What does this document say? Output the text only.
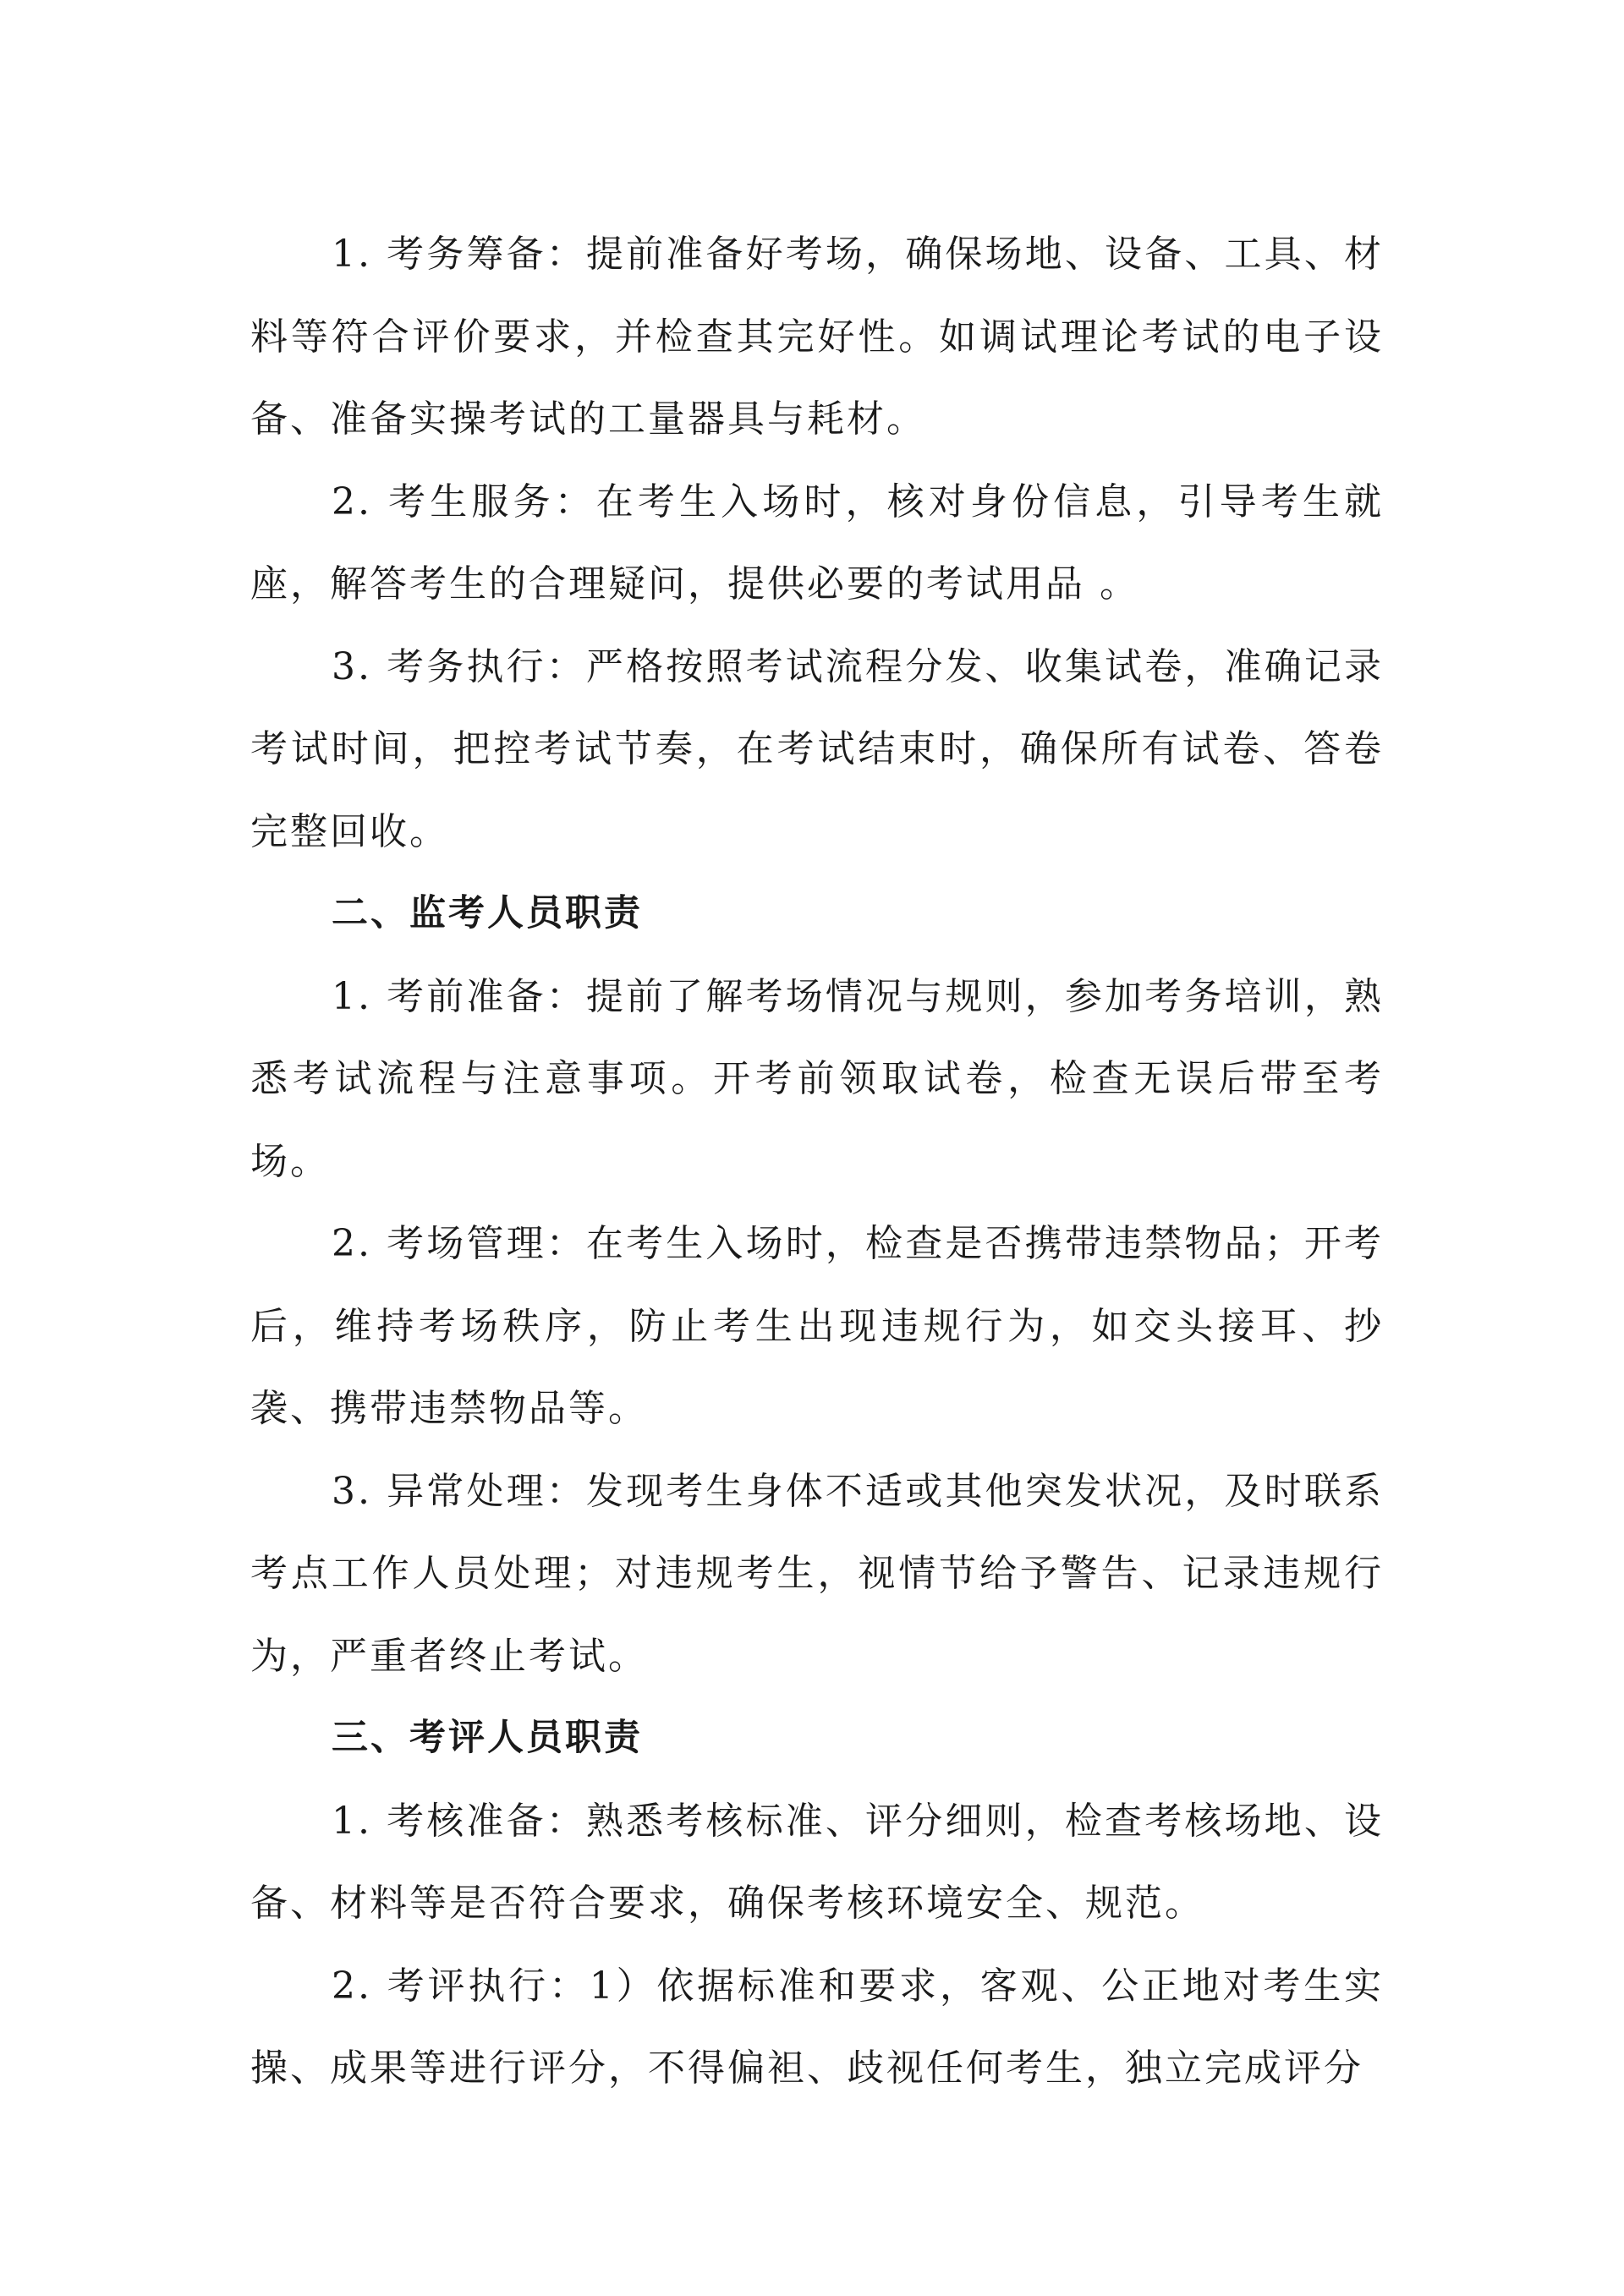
1. 考务筹备：提前准备好考场，确保场地、设备、工具、材料等符合评价要求，并检查其完好性。如调试理论考试的电子设备、准备实操考试的工量器具与耗材。

2. 考生服务：在考生入场时，核对身份信息，引导考生就座，解答考生的合理疑问，提供必要的考试用品 。

3. 考务执行：严格按照考试流程分发、收集试卷，准确记录考试时间，把控考试节奏，在考试结束时，确保所有试卷、答卷完整回收。

二、监考人员职责

1. 考前准备：提前了解考场情况与规则，参加考务培训，熟悉考试流程与注意事项。开考前领取试卷，检查无误后带至考场。

2. 考场管理：在考生入场时，检查是否携带违禁物品；开考后，维持考场秩序，防止考生出现违规行为，如交头接耳、抄袭、携带违禁物品等。

3. 异常处理：发现考生身体不适或其他突发状况，及时联系考点工作人员处理；对违规考生，视情节给予警告、记录违规行为，严重者终止考试。

三、考评人员职责

1. 考核准备：熟悉考核标准、评分细则，检查考核场地、设备、材料等是否符合要求，确保考核环境安全、规范。

2. 考评执行：1）依据标准和要求，客观、公正地对考生实操、成果等进行评分，不得偏袒、歧视任何考生，独立完成评分
